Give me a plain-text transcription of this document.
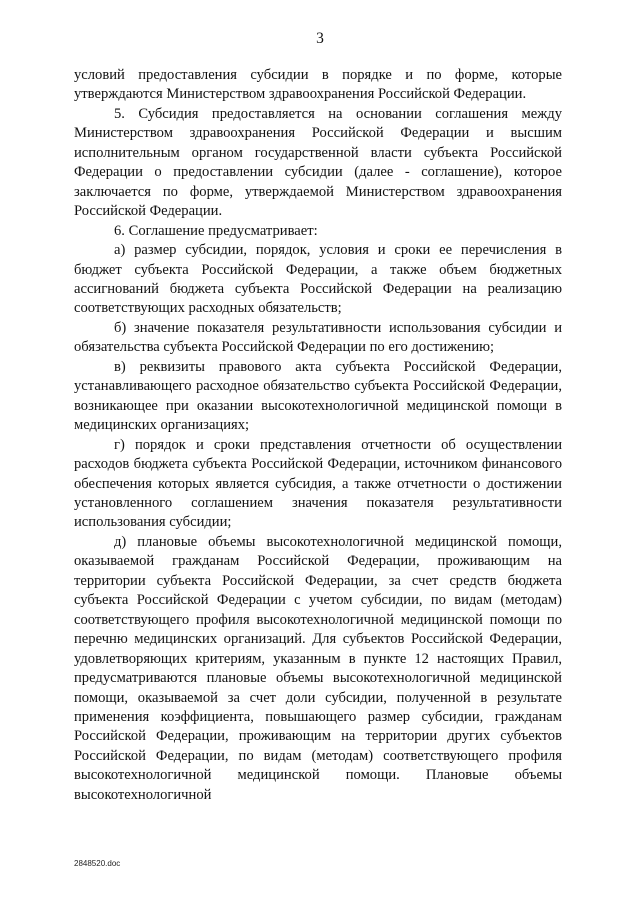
3

условий предоставления субсидии в порядке и по форме, которые утверждаются Министерством здравоохранения Российской Федерации.

5. Субсидия предоставляется на основании соглашения между Министерством здравоохранения Российской Федерации и высшим исполнительным органом государственной власти субъекта Российской Федерации о предоставлении субсидии (далее - соглашение), которое заключается по форме, утверждаемой Министерством здравоохранения Российской Федерации.

6. Соглашение предусматривает:

а) размер субсидии, порядок, условия и сроки ее перечисления в бюджет субъекта Российской Федерации, а также объем бюджетных ассигнований бюджета субъекта Российской Федерации на реализацию соответствующих расходных обязательств;

б) значение показателя результативности использования субсидии и обязательства субъекта Российской Федерации по его достижению;

в) реквизиты правового акта субъекта Российской Федерации, устанавливающего расходное обязательство субъекта Российской Федерации, возникающее при оказании высокотехнологичной медицинской помощи в медицинских организациях;

г) порядок и сроки представления отчетности об осуществлении расходов бюджета субъекта Российской Федерации, источником финансового обеспечения которых является субсидия, а также отчетности о достижении установленного соглашением значения показателя результативности использования субсидии;

д) плановые объемы высокотехнологичной медицинской помощи, оказываемой гражданам Российской Федерации, проживающим на территории субъекта Российской Федерации, за счет средств бюджета субъекта Российской Федерации с учетом субсидии, по видам (методам) соответствующего профиля высокотехнологичной медицинской помощи по перечню медицинских организаций. Для субъектов Российской Федерации, удовлетворяющих критериям, указанным в пункте 12 настоящих Правил, предусматриваются плановые объемы высокотехнологичной медицинской помощи, оказываемой за счет доли субсидии, полученной в результате применения коэффициента, повышающего размер субсидии, гражданам Российской Федерации, проживающим на территории других субъектов Российской Федерации, по видам (методам) соответствующего профиля высокотехнологичной медицинской помощи. Плановые объемы высокотехнологичной

2848520.doc
